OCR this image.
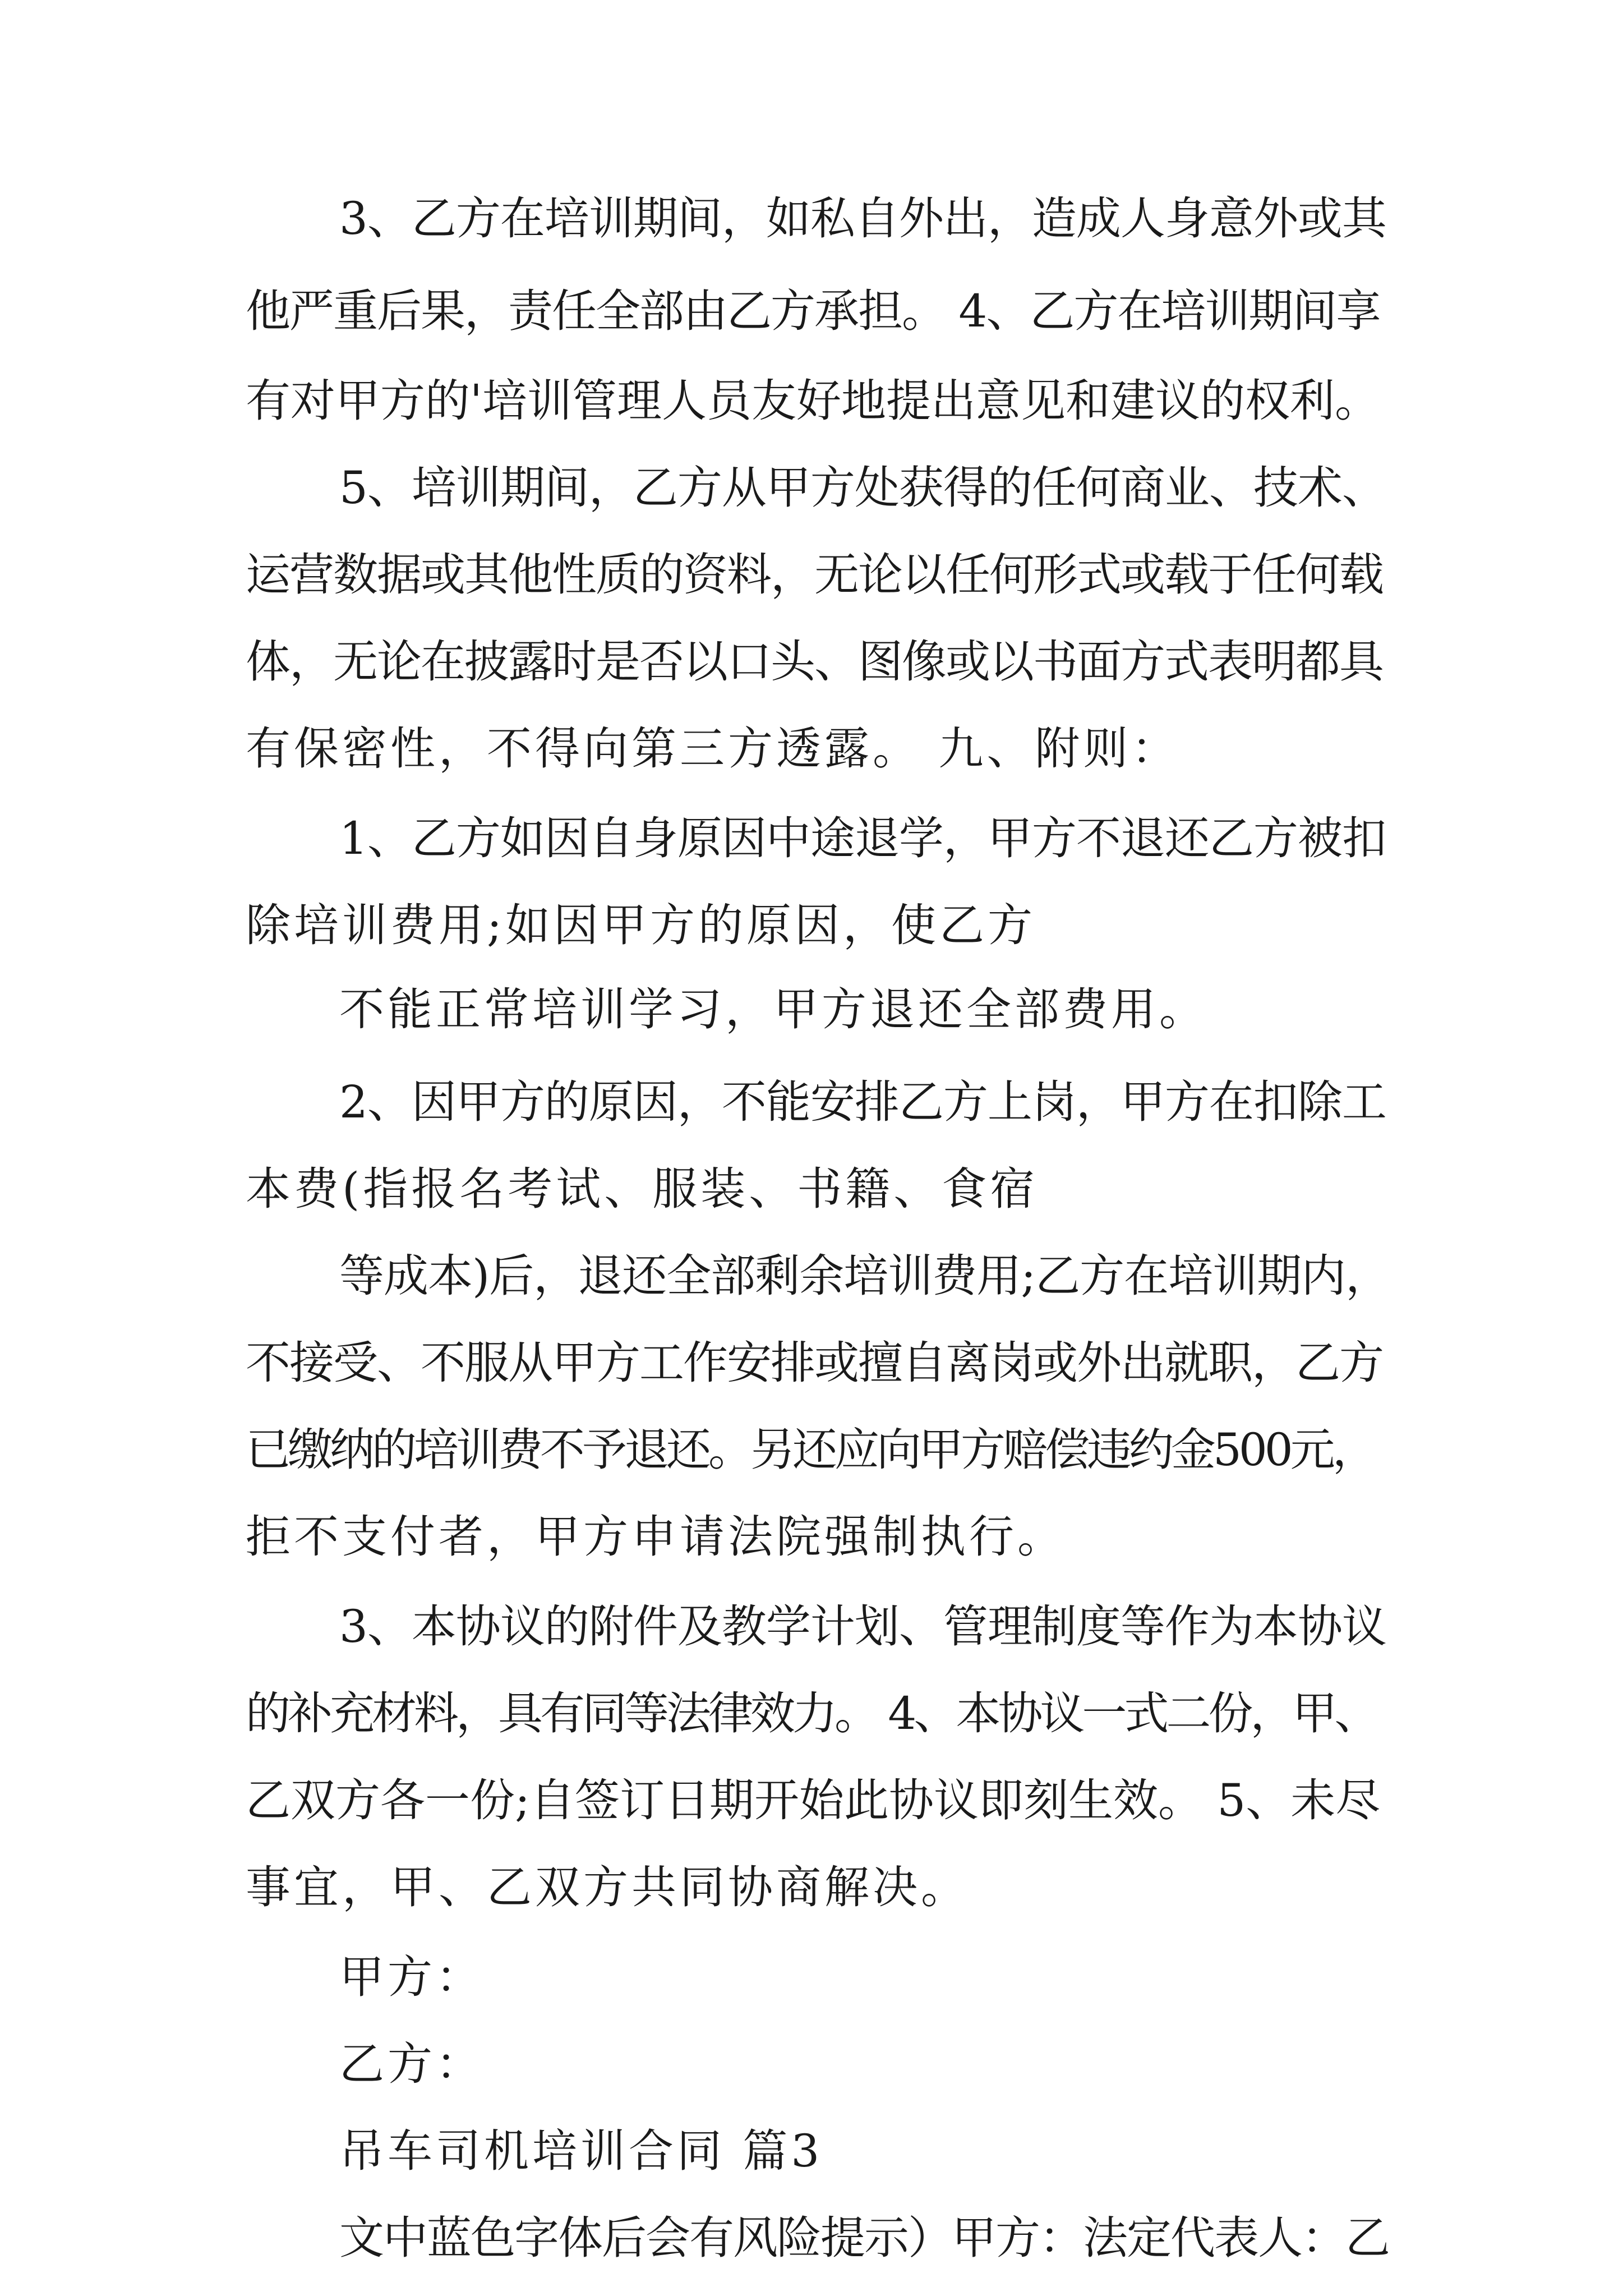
3、乙方在培训期间，如私自外出，造成人身意外或其
他严重后果，责任全部由乙方承担。 4、乙方在培训期间享
有对甲方的'培训管理人员友好地提出意见和建议的权利。
5、培训期间，乙方从甲方处获得的任何商业、技术、
运营数据或其他性质的资料，无论以任何形式或载于任何载
体，无论在披露时是否以口头、图像或以书面方式表明都具
有保密性，不得向第三方透露。 九、附则：
1、乙方如因自身原因中途退学，甲方不退还乙方被扣
除培训费用;如因甲方的原因，使乙方
不能正常培训学习，甲方退还全部费用。
2、因甲方的原因，不能安排乙方上岗，甲方在扣除工
本费(指报名考试、服装、书籍、食宿
等成本)后，退还全部剩余培训费用;乙方在培训期内，
不接受、不服从甲方工作安排或擅自离岗或外出就职，乙方
已缴纳的培训费不予退还。另还应向甲方赔偿违约金500元，
拒不支付者，甲方申请法院强制执行。
3、本协议的附件及教学计划、管理制度等作为本协议
的补充材料，具有同等法律效力。 4、本协议一式二份，甲、
乙双方各一份;自签订日期开始此协议即刻生效。 5、未尽
事宜，甲、乙双方共同协商解决。
甲方：
乙方：
吊车司机培训合同 篇3
文中蓝色字体后会有风险提示）甲方：法定代表人：乙
